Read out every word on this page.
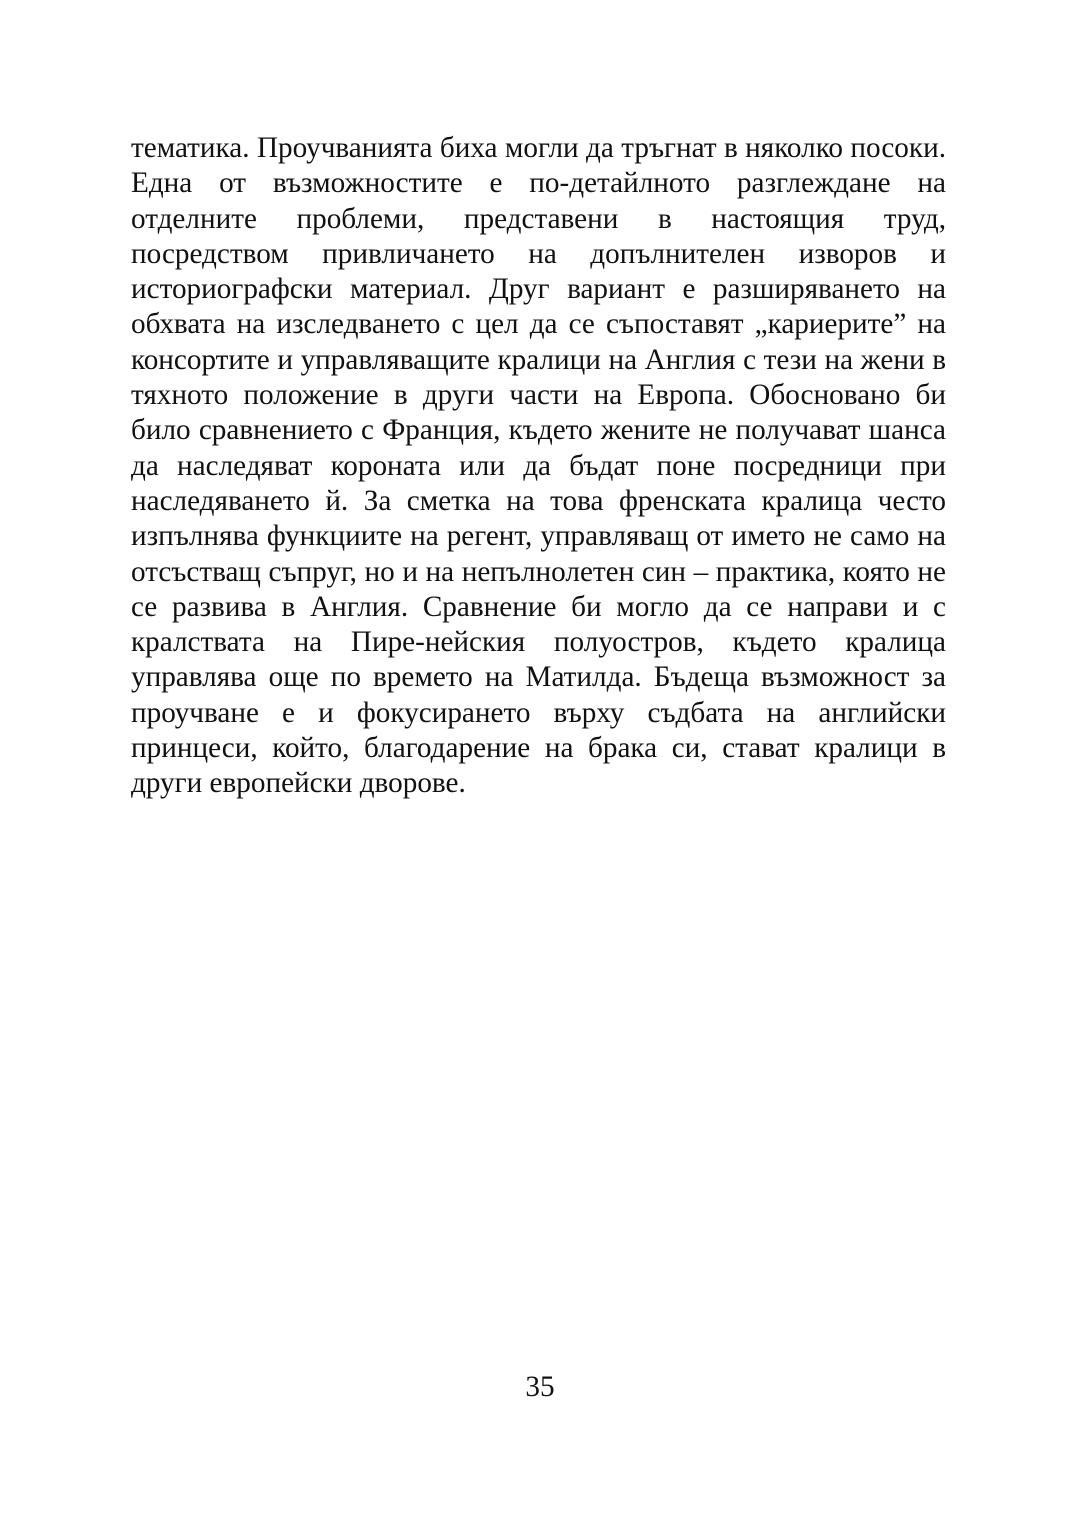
тематика. Проучванията биха могли да тръгнат в няколко посоки. Една от възможностите е по-детайлното разглеждане на отделните проблеми, представени в настоящия труд, посредством привличането на допълнителен изворов и историографски материал. Друг вариант е разширяването на обхвата на изследването с цел да се съпоставят „кариерите” на консортите и управляващите кралици на Англия с тези на жени в тяхното положение в други части на Европа. Обосновано би било сравнението с Франция, където жените не получават шанса да наследяват короната или да бъдат поне посредници при наследяването й. За сметка на това френската кралица често изпълнява функциите на регент, управляващ от името не само на отсъстващ съпруг, но и на непълнолетен син – практика, която не се развива в Англия. Сравнение би могло да се направи и с кралствата на Пире-нейския полуостров, където кралица управлява още по времето на Матилда. Бъдеща възможност за проучване е и фокусирането върху съдбата на английски принцеси, който, благодарение на брака си, стават кралици в други европейски дворове.

35
